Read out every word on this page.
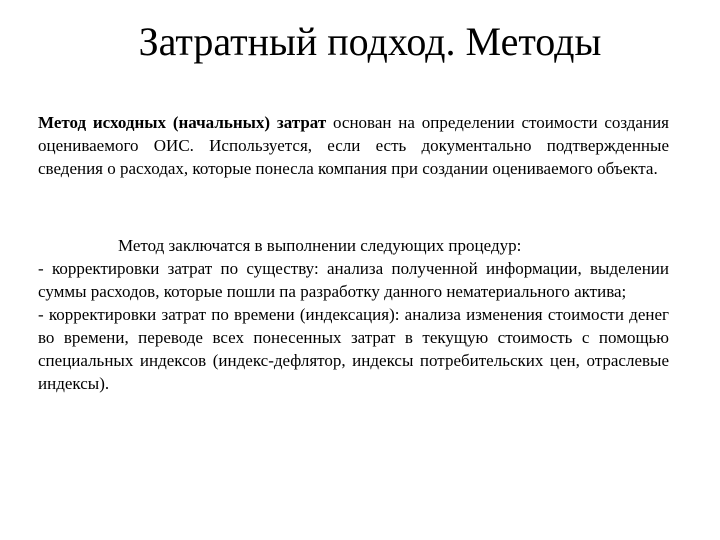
Затратный подход. Методы

Метод исходных (начальных) затрат основан на определении стоимости создания оцениваемого ОИС. Используется, если есть документально подтвержденные сведения о расходах, которые понесла компания при создании оцениваемого объекта.

Метод заключатся в выполнении следующих процедур:
- корректировки затрат по существу: анализа полученной информации, выделении суммы расходов, которые пошли па разработку данного нематериального актива;
- корректировки затрат по времени (индексация): анализа изменения стоимости денег во времени, переводе всех понесенных затрат в текущую стоимость с помощью специальных индексов (индекс-дефлятор, индексы потребительских цен, отраслевые индексы).
